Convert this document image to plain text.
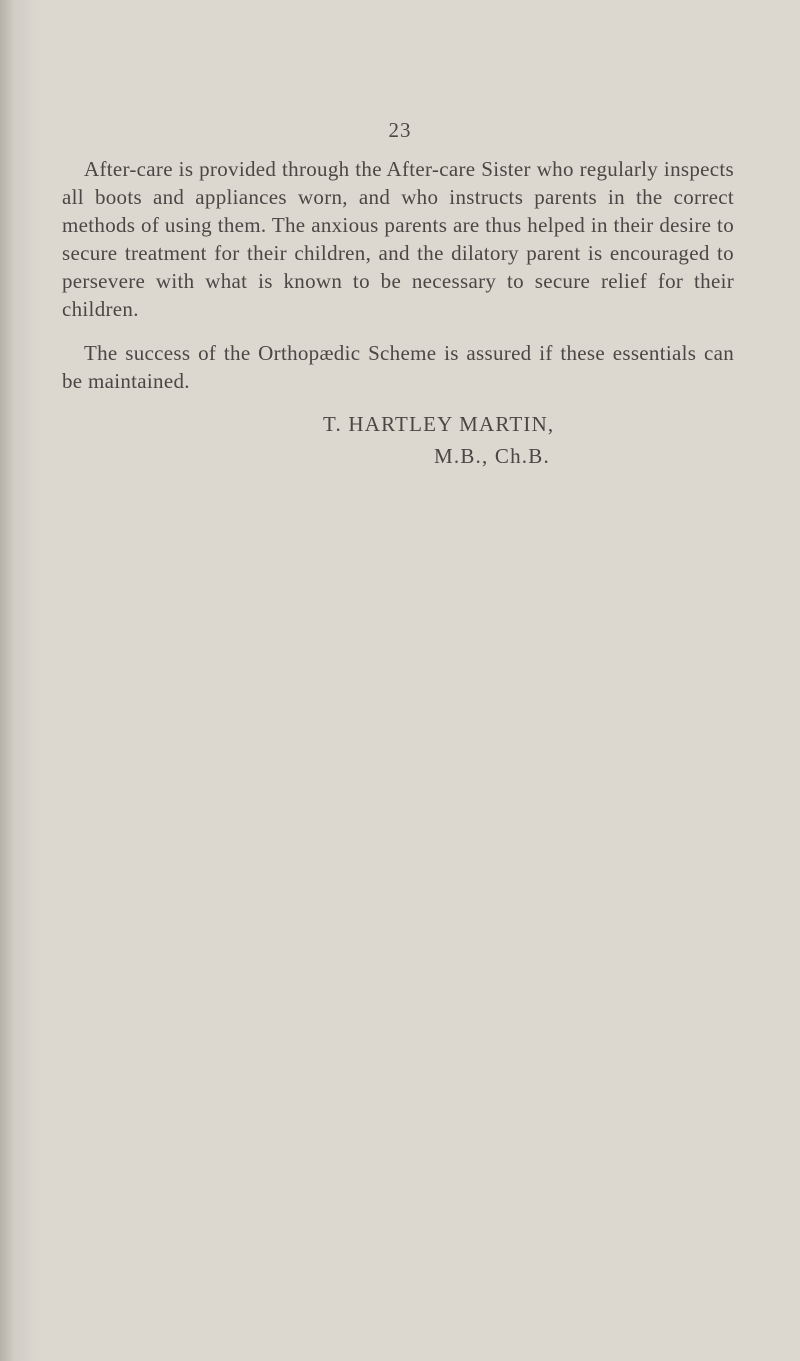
23

After-care is provided through the After-care Sister who regularly inspects all boots and appliances worn, and who instructs parents in the correct methods of using them. The anxious parents are thus helped in their desire to secure treatment for their children, and the dilatory parent is encouraged to persevere with what is known to be necessary to secure relief for their children.

The success of the Orthopædic Scheme is assured if these essentials can be maintained.

T. HARTLEY MARTIN,
M.B., Ch.B.
